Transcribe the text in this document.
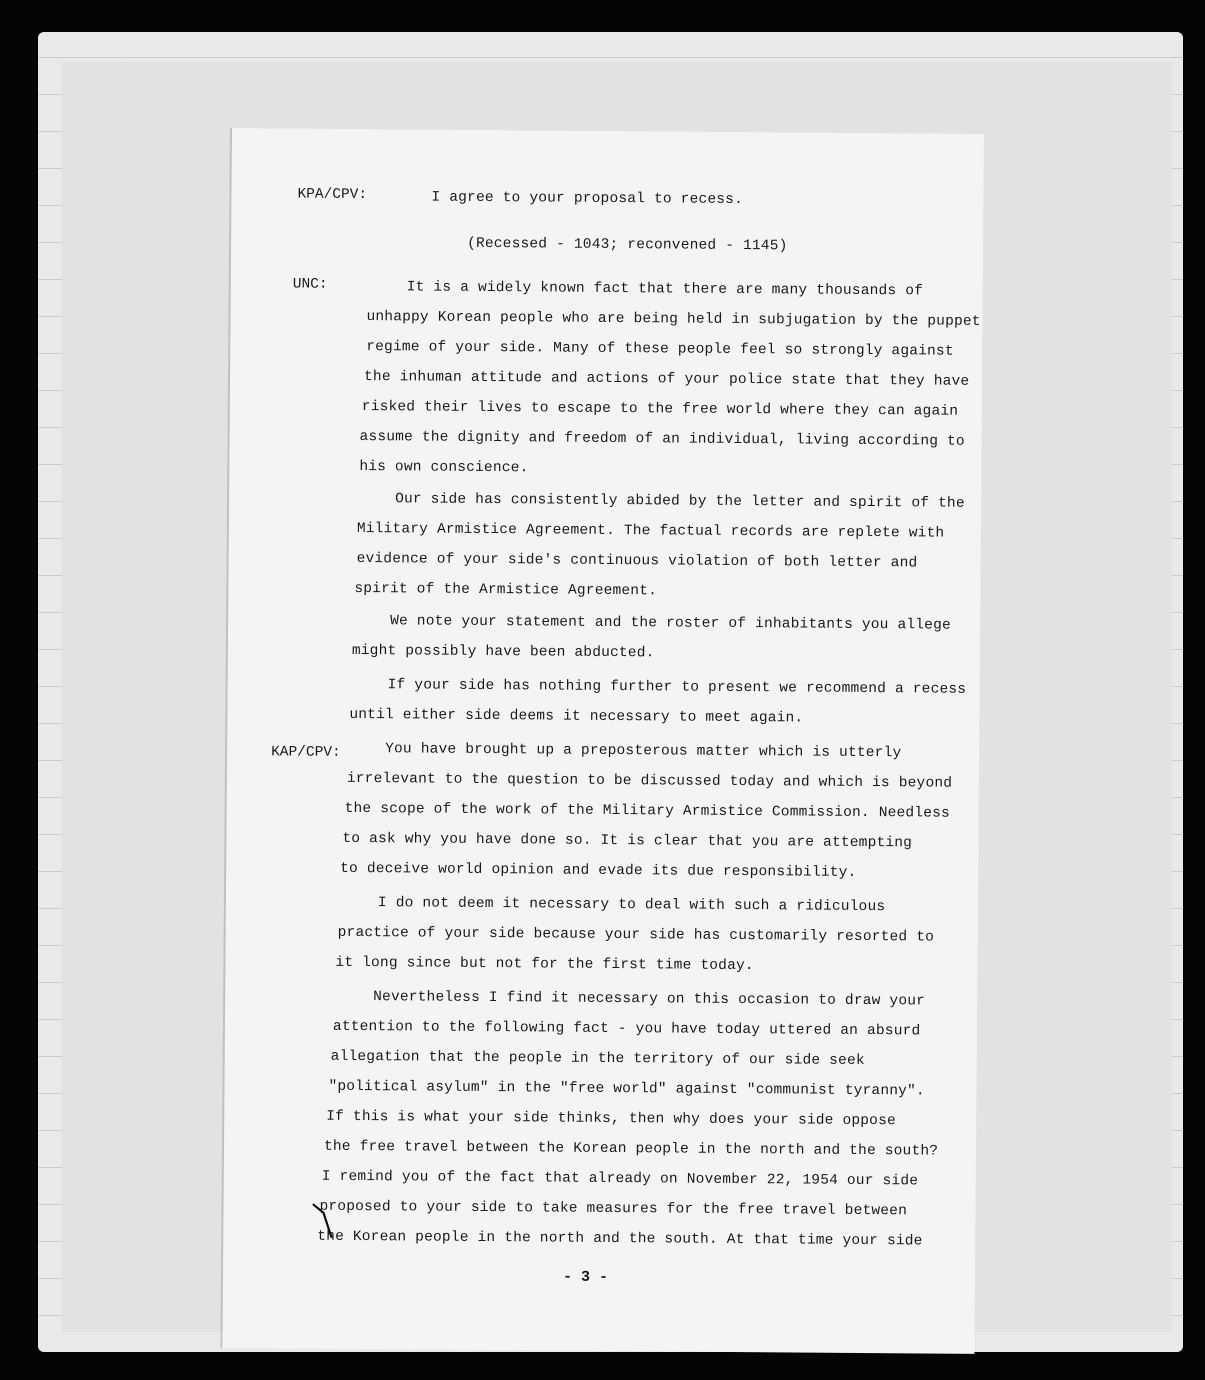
KPA/CPV:
UNC:
KAP/CPV:
I agree to your proposal to recess.
(Recessed - 1043; reconvened - 1145)
It is a widely known fact that there are many thousands of
unhappy Korean people who are being held in subjugation by the puppet
regime of your side. Many of these people feel so strongly against
the inhuman attitude and actions of your police state that they have
risked their lives to escape to the free world where they can again
assume the dignity and freedom of an individual, living according to
his own conscience.
Our side has consistently abided by the letter and spirit of the
Military Armistice Agreement. The factual records are replete with
evidence of your side's continuous violation of both letter and
spirit of the Armistice Agreement.
We note your statement and the roster of inhabitants you allege
might possibly have been abducted.
If your side has nothing further to present we recommend a recess
until either side deems it necessary to meet again.
You have brought up a preposterous matter which is utterly
irrelevant to the question to be discussed today and which is beyond
the scope of the work of the Military Armistice Commission. Needless
to ask why you have done so. It is clear that you are attempting
to deceive world opinion and evade its due responsibility.
I do not deem it necessary to deal with such a ridiculous
practice of your side because your side has customarily resorted to
it long since but not for the first time today.
Nevertheless I find it necessary on this occasion to draw your
attention to the following fact - you have today uttered an absurd
allegation that the people in the territory of our side seek
"political asylum" in the "free world" against "communist tyranny".
If this is what your side thinks, then why does your side oppose
the free travel between the Korean people in the north and the south?
I remind you of the fact that already on November 22, 1954 our side
proposed to your side to take measures for the free travel between
the Korean people in the north and the south. At that time your side
- 3 -
